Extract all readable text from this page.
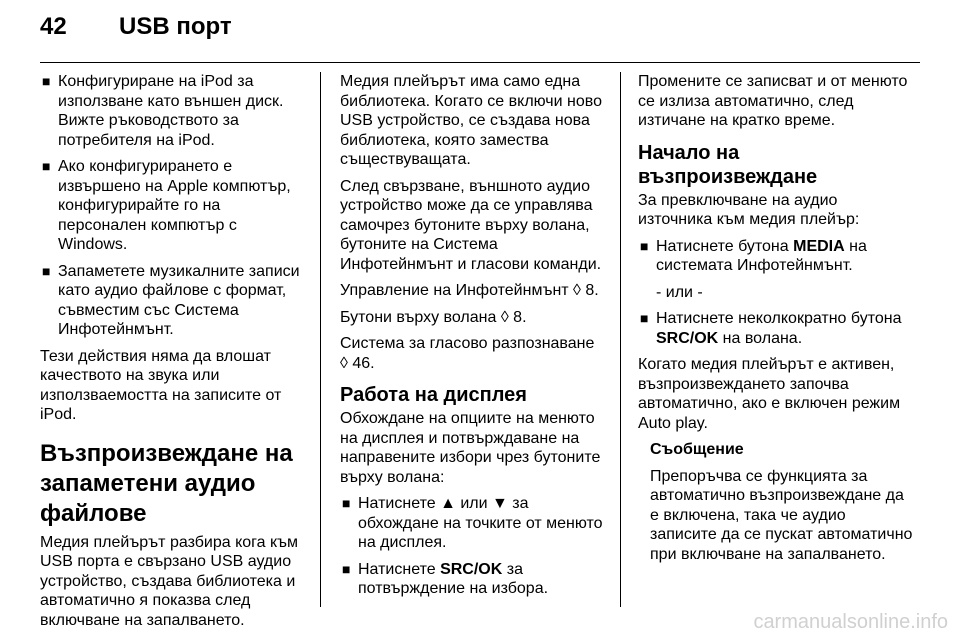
42 USB порт
■ Конфигуриране на iPod за използване като външен диск. Вижте ръководството за потребителя на iPod.
■ Ако конфигурирането е извършено на Apple компютър, конфигурирайте го на персонален компютър с Windows.
■ Запаметете музикалните записи като аудио файлове с формат, съвместим със Система Инфотейнмънт.

Тези действия няма да влошат качеството на звука или използваемостта на записите от iPod.

Възпроизвеждане на
запаметени аудио
файлове

Медия плейърът разбира кога към USB порта е свързано USB аудио устройство, създава библиотека и автоматично я показва след включване на запалването.

Медия плейърът има само една библиотека. Когато се включи ново USB устройство, се създава нова библиотека, която замества съществуващата.

След свързване, външното аудио устройство може да се управлява самочрез бутоните върху волана, бутоните на Система Инфотейнмънт и гласови команди.

Управление на Инфотейнмънт ◊ 8.

Бутони върху волана ◊ 8.

Система за гласово разпознаване ◊ 46.

Работа на дисплея

Обхождане на опциите на менюто на дисплея и потвърждаване на направените избори чрез бутоните върху волана:

■ Натиснете ▲ или ▼ за обхождане на точките от менюто на дисплея.
■ Натиснете SRC/OK за потвърждение на избора.

Промените се записват и от менюто се излиза автоматично, след изтичане на кратко време.

Начало на възпроизвеждане

За превключване на аудио източника към медия плейър:

■ Натиснете бутона MEDIA на системата Инфотейнмънт.

- или -

■ Натиснете неколкократно бутона SRC/OK на волана.

Когато медия плейърът е активен, възпроизвеждането започва автоматично, ако е включен режим Auto play.

Съобщение

Препоръчва се функцията за автоматично възпроизвеждане да е включена, така че аудио записите да се пускат автоматично при включване на запалването.

carmanualsonline.info
